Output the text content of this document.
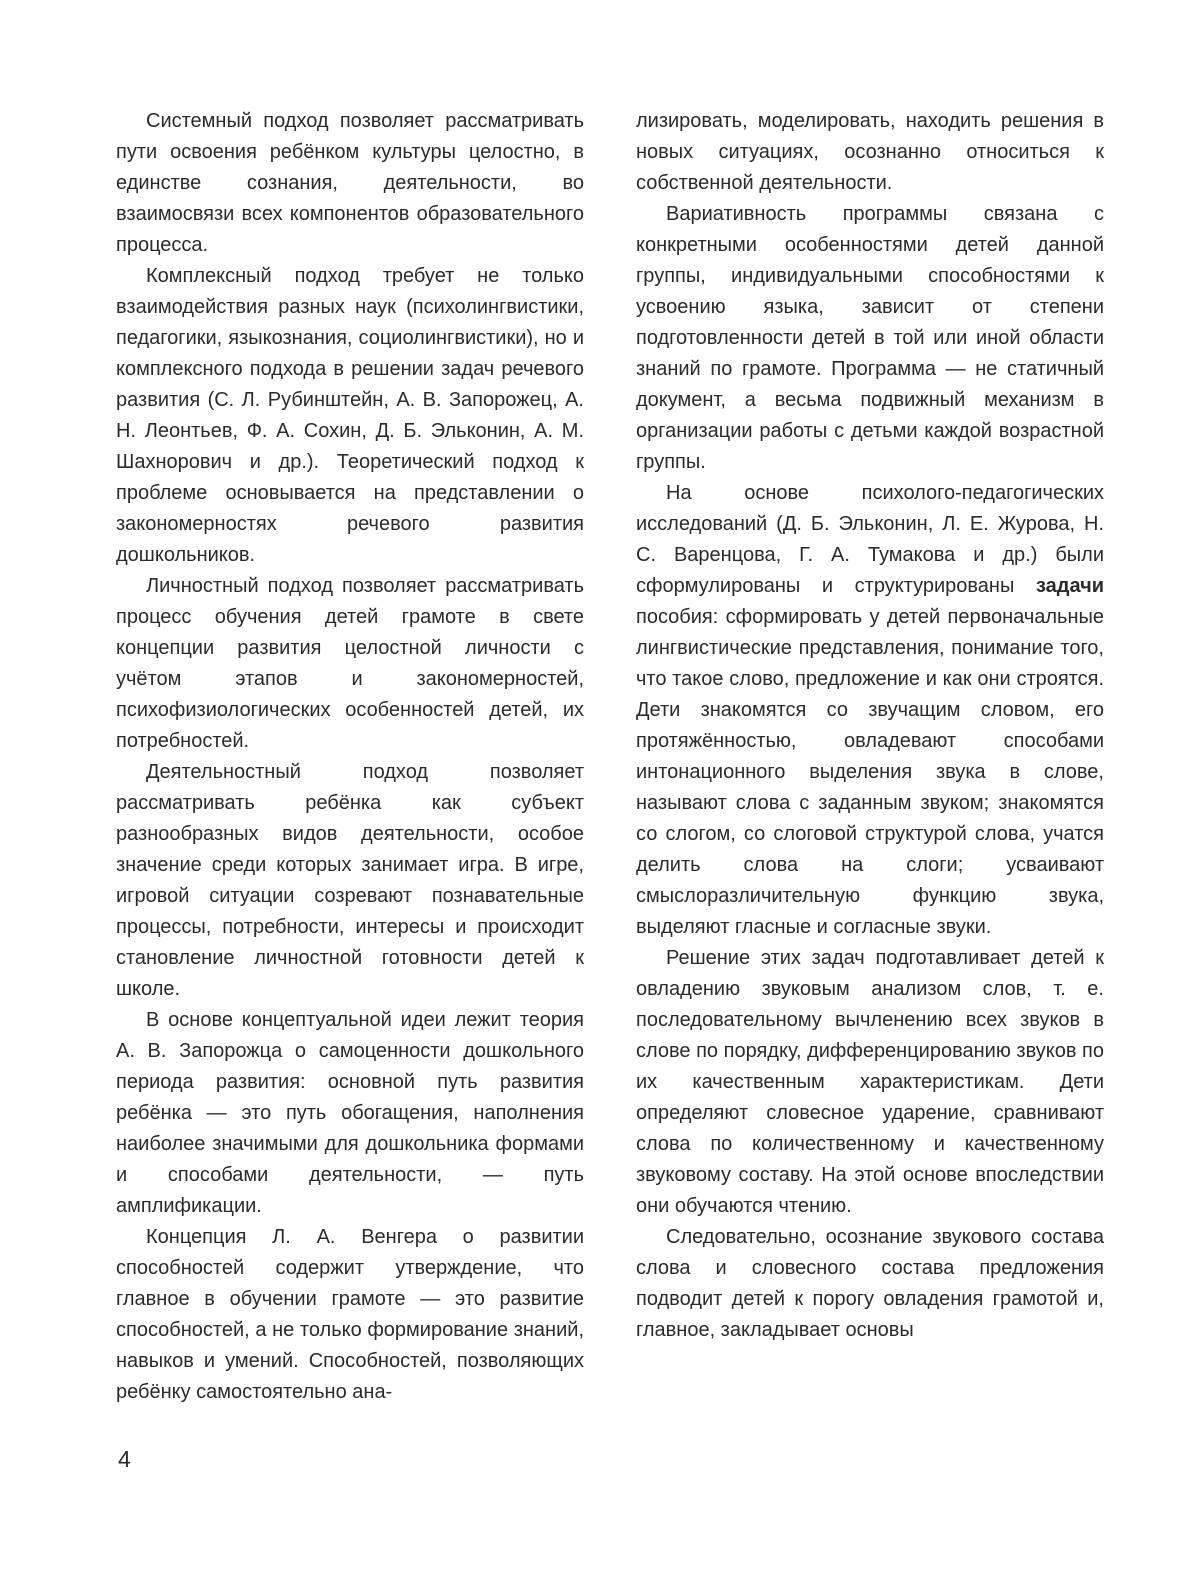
Системный подход позволяет рассматривать пути освоения ребёнком культуры целостно, в единстве сознания, деятельности, во взаимосвязи всех компонентов образовательного процесса.

Комплексный подход требует не только взаимодействия разных наук (психолингвистики, педагогики, языкознания, социолингвистики), но и комплексного подхода в решении задач речевого развития (С. Л. Рубинштейн, А. В. Запорожец, А. Н. Леонтьев, Ф. А. Сохин, Д. Б. Эльконин, А. М. Шахнорович и др.). Теоретический подход к проблеме основывается на представлении о закономерностях речевого развития дошкольников.

Личностный подход позволяет рассматривать процесс обучения детей грамоте в свете концепции развития целостной личности с учётом этапов и закономерностей, психофизиологических особенностей детей, их потребностей.

Деятельностный подход позволяет рассматривать ребёнка как субъект разнообразных видов деятельности, особое значение среди которых занимает игра. В игре, игровой ситуации созревают познавательные процессы, потребности, интересы и происходит становление личностной готовности детей к школе.

В основе концептуальной идеи лежит теория А. В. Запорожца о самоценности дошкольного периода развития: основной путь развития ребёнка — это путь обогащения, наполнения наиболее значимыми для дошкольника формами и способами деятельности, — путь амплификации.

Концепция Л. А. Венгера о развитии способностей содержит утверждение, что главное в обучении грамоте — это развитие способностей, а не только формирование знаний, навыков и умений. Способностей, позволяющих ребёнку самостоятельно ана-

лизировать, моделировать, находить решения в новых ситуациях, осознанно относиться к собственной деятельности.

Вариативность программы связана с конкретными особенностями детей данной группы, индивидуальными способностями к усвоению языка, зависит от степени подготовленности детей в той или иной области знаний по грамоте. Программа — не статичный документ, а весьма подвижный механизм в организации работы с детьми каждой возрастной группы.

На основе психолого-педагогических исследований (Д. Б. Эльконин, Л. Е. Журова, Н. С. Варенцова, Г. А. Тумакова и др.) были сформулированы и структурированы задачи пособия: сформировать у детей первоначальные лингвистические представления, понимание того, что такое слово, предложение и как они строятся. Дети знакомятся со звучащим словом, его протяжённостью, овладевают способами интонационного выделения звука в слове, называют слова с заданным звуком; знакомятся со слогом, со слоговой структурой слова, учатся делить слова на слоги; усваивают смыслоразличительную функцию звука, выделяют гласные и согласные звуки.

Решение этих задач подготавливает детей к овладению звуковым анализом слов, т. е. последовательному вычленению всех звуков в слове по порядку, дифференцированию звуков по их качественным характеристикам. Дети определяют словесное ударение, сравнивают слова по количественному и качественному звуковому составу. На этой основе впоследствии они обучаются чтению.

Следовательно, осознание звукового состава слова и словесного состава предложения подводит детей к порогу овладения грамотой и, главное, закладывает основы

4
